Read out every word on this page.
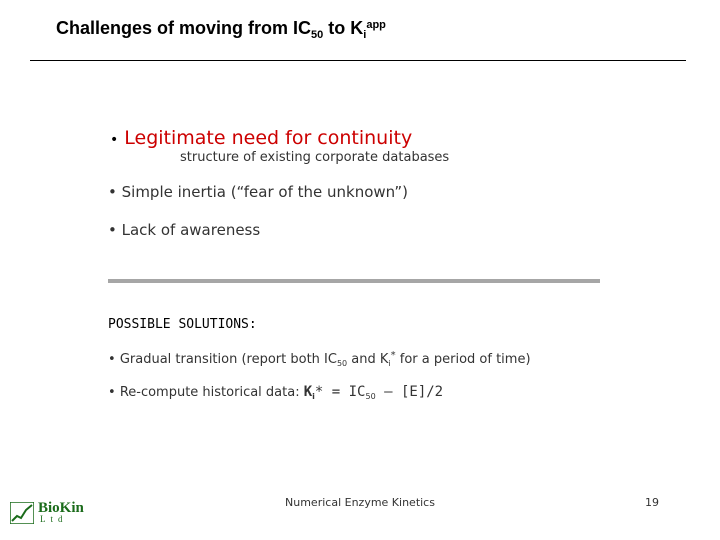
Challenges of moving from $IC_{50}$ to $K_i^{app}$
• Legitimate need for continuity
structure of existing corporate databases
• Simple inertia (“fear of the unknown”)
• Lack of awareness
POSSIBLE SOLUTIONS:
• Gradual transition (report both $IC_{50}$ and $K_i^*$ for a period of time)
• Re-compute historical data: $K_i* = IC_{50} - [E]/2$
Numerical Enzyme Kinetics	19
BioKin
Ltd
